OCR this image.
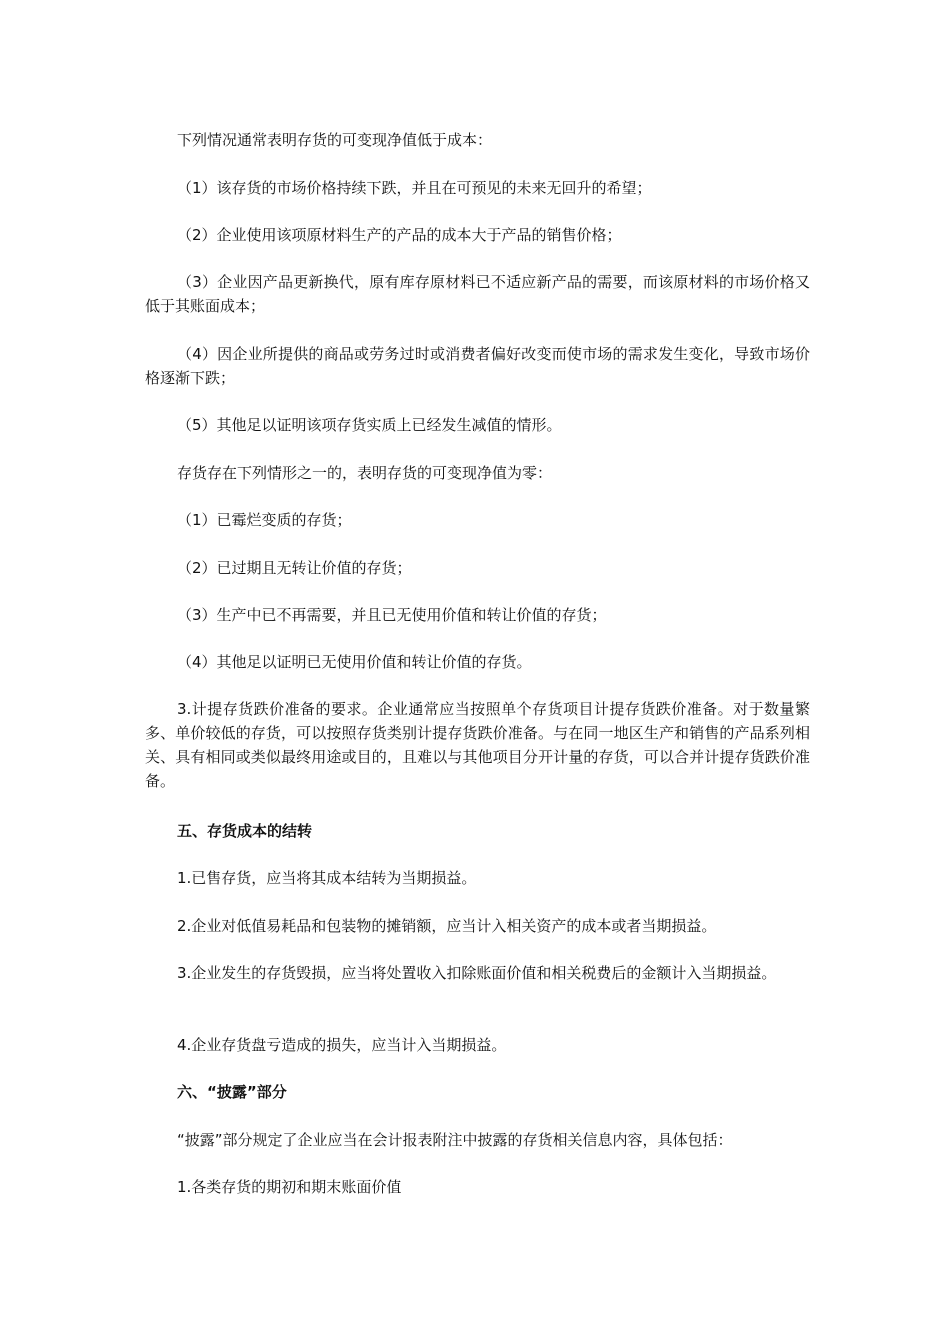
下列情况通常表明存货的可变现净值低于成本：

（1）该存货的市场价格持续下跌，并且在可预见的未来无回升的希望；

（2）企业使用该项原材料生产的产品的成本大于产品的销售价格；

（3）企业因产品更新换代，原有库存原材料已不适应新产品的需要，而该原材料的市场价格又低于其账面成本；

（4）因企业所提供的商品或劳务过时或消费者偏好改变而使市场的需求发生变化，导致市场价格逐渐下跌；

（5）其他足以证明该项存货实质上已经发生减值的情形。

存货存在下列情形之一的，表明存货的可变现净值为零：

（1）已霉烂变质的存货；

（2）已过期且无转让价值的存货；

（3）生产中已不再需要，并且已无使用价值和转让价值的存货；

（4）其他足以证明已无使用价值和转让价值的存货。

3.计提存货跌价准备的要求。企业通常应当按照单个存货项目计提存货跌价准备。对于数量繁多、单价较低的存货，可以按照存货类别计提存货跌价准备。与在同一地区生产和销售的产品系列相关、具有相同或类似最终用途或目的，且难以与其他项目分开计量的存货，可以合并计提存货跌价准备。

五、存货成本的结转

1.已售存货，应当将其成本结转为当期损益。

2.企业对低值易耗品和包装物的摊销额，应当计入相关资产的成本或者当期损益。

3.企业发生的存货毁损，应当将处置收入扣除账面价值和相关税费后的金额计入当期损益。

4.企业存货盘亏造成的损失，应当计入当期损益。

六、“披露”部分

“披露”部分规定了企业应当在会计报表附注中披露的存货相关信息内容，具体包括：

1.各类存货的期初和期末账面价值
